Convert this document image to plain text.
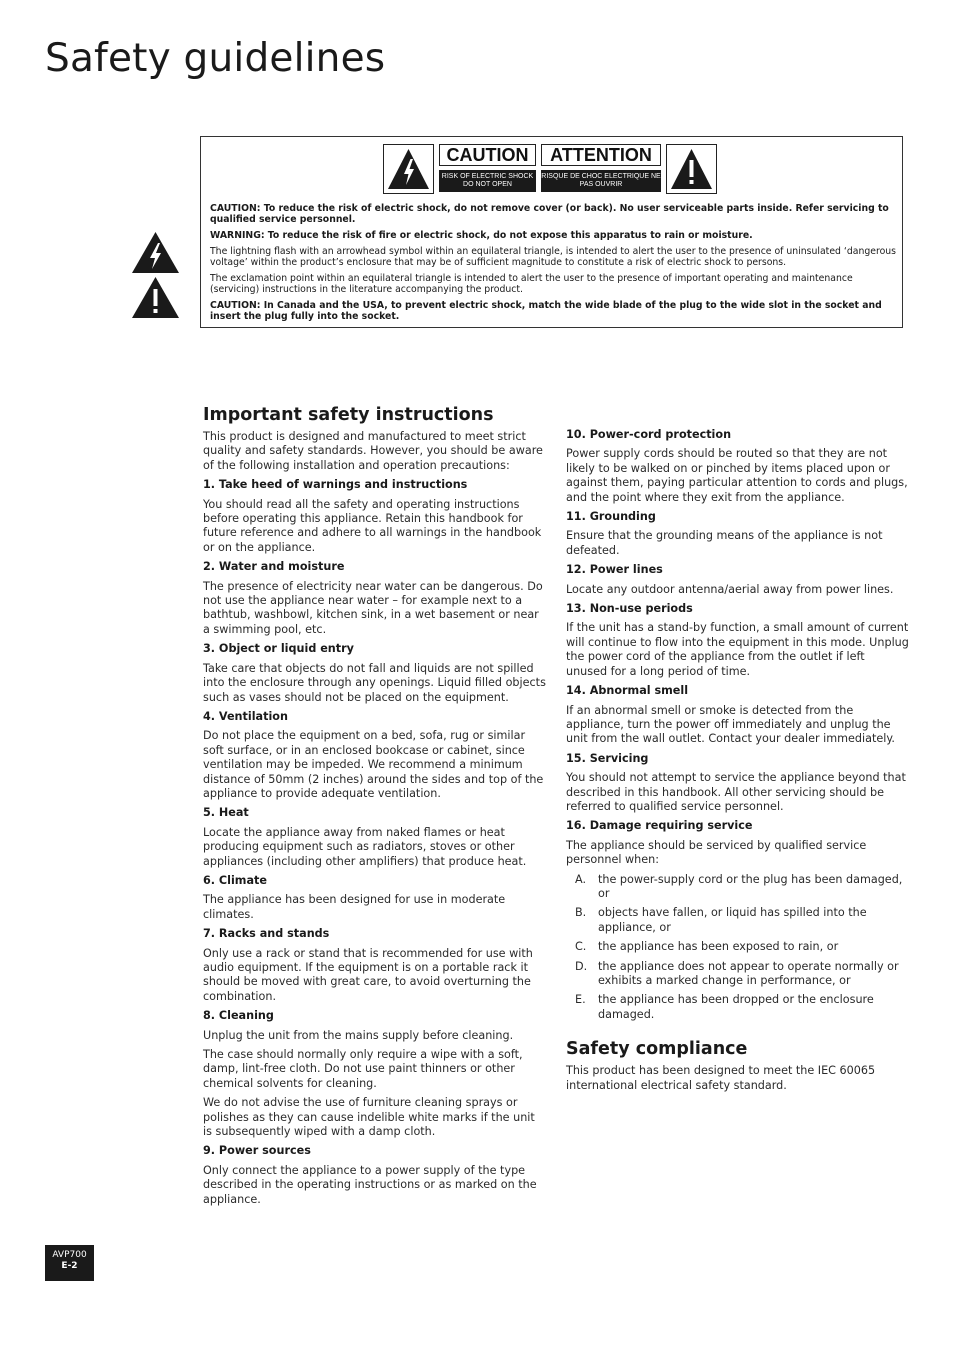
Safety guidelines
CAUTION
RISK OF ELECTRIC SHOCK DO NOT OPEN
ATTENTION
RISQUE DE CHOC ELECTRIQUE NE PAS OUVRIR

CAUTION: To reduce the risk of electric shock, do not remove cover (or back). No user serviceable parts inside. Refer servicing to qualified service personnel.

WARNING: To reduce the risk of fire or electric shock, do not expose this apparatus to rain or moisture.

The lightning flash with an arrowhead symbol within an equilateral triangle, is intended to alert the user to the presence of uninsulated ‘dangerous voltage’ within the product’s enclosure that may be of sufficient magnitude to constitute a risk of electric shock to persons.

The exclamation point within an equilateral triangle is intended to alert the user to the presence of important operating and maintenance (servicing) instructions in the literature accompanying the product.

CAUTION: In Canada and the USA, to prevent electric shock, match the wide blade of the plug to the wide slot in the socket and insert the plug fully into the socket.

Important safety instructions

This product is designed and manufactured to meet strict quality and safety standards. However, you should be aware of the following installation and operation precautions:

1. Take heed of warnings and instructions

You should read all the safety and operating instructions before operating this appliance. Retain this handbook for future reference and adhere to all warnings in the handbook or on the appliance.

2. Water and moisture

The presence of electricity near water can be dangerous. Do not use the appliance near water – for example next to a bathtub, washbowl, kitchen sink, in a wet basement or near a swimming pool, etc.

3. Object or liquid entry

Take care that objects do not fall and liquids are not spilled into the enclosure through any openings. Liquid filled objects such as vases should not be placed on the equipment.

4. Ventilation

Do not place the equipment on a bed, sofa, rug or similar soft surface, or in an enclosed bookcase or cabinet, since ventilation may be impeded. We recommend a minimum distance of 50mm (2 inches) around the sides and top of the appliance to provide adequate ventilation.

5. Heat

Locate the appliance away from naked flames or heat producing equipment such as radiators, stoves or other appliances (including other amplifiers) that produce heat.

6. Climate

The appliance has been designed for use in moderate climates.

7. Racks and stands

Only use a rack or stand that is recommended for use with audio equipment. If the equipment is on a portable rack it should be moved with great care, to avoid overturning the combination.

8. Cleaning

Unplug the unit from the mains supply before cleaning.

The case should normally only require a wipe with a soft, damp, lint-free cloth. Do not use paint thinners or other chemical solvents for cleaning.

We do not advise the use of furniture cleaning sprays or polishes as they can cause indelible white marks if the unit is subsequently wiped with a damp cloth.

9. Power sources

Only connect the appliance to a power supply of the type described in the operating instructions or as marked on the appliance.

10. Power-cord protection

Power supply cords should be routed so that they are not likely to be walked on or pinched by items placed upon or against them, paying particular attention to cords and plugs, and the point where they exit from the appliance.

11. Grounding

Ensure that the grounding means of the appliance is not defeated.

12. Power lines

Locate any outdoor antenna/aerial away from power lines.

13. Non-use periods

If the unit has a stand-by function, a small amount of current will continue to flow into the equipment in this mode. Unplug the power cord of the appliance from the outlet if left unused for a long period of time.

14. Abnormal smell

If an abnormal smell or smoke is detected from the appliance, turn the power off immediately and unplug the unit from the wall outlet. Contact your dealer immediately.

15. Servicing

You should not attempt to service the appliance beyond that described in this handbook. All other servicing should be referred to qualified service personnel.

16. Damage requiring service

The appliance should be serviced by qualified service personnel when:

A. the power-supply cord or the plug has been damaged, or
B. objects have fallen, or liquid has spilled into the appliance, or
C. the appliance has been exposed to rain, or
D. the appliance does not appear to operate normally or exhibits a marked change in performance, or
E. the appliance has been dropped or the enclosure damaged.
Safety compliance

This product has been designed to meet the IEC 60065 international electrical safety standard.

AVP700
E-2
